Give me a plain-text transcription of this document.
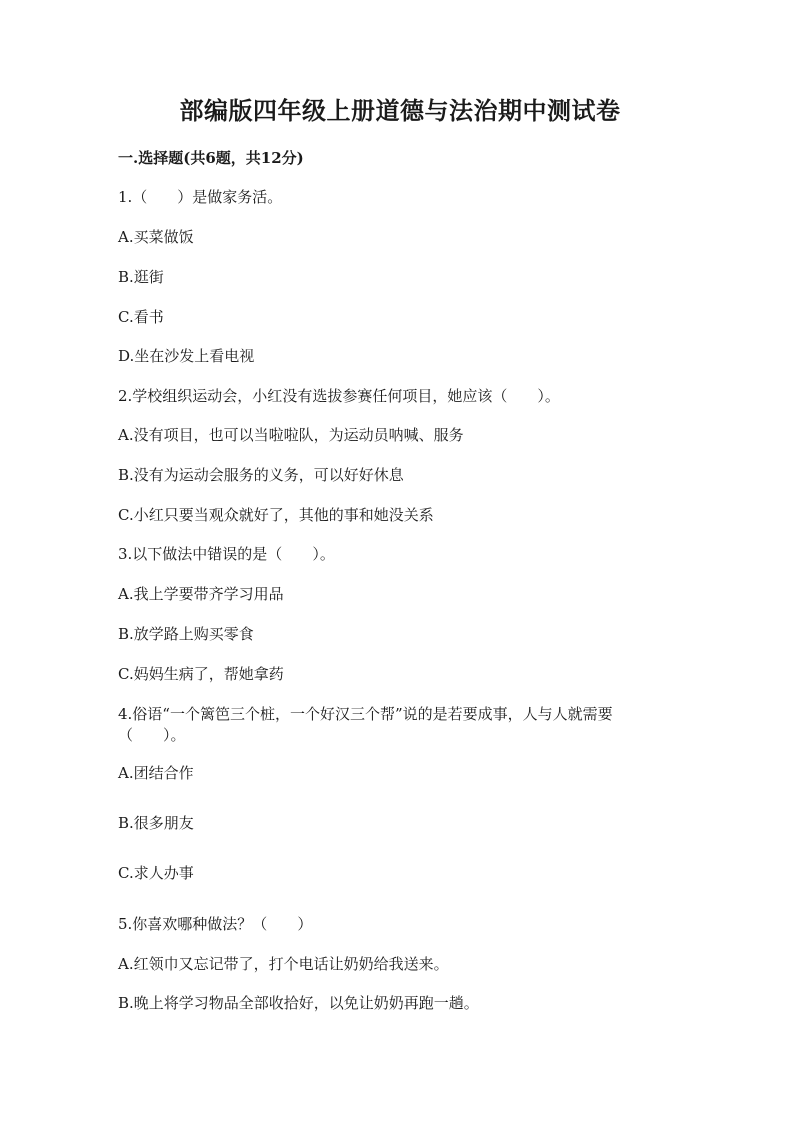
部编版四年级上册道德与法治期中测试卷
一.选择题(共6题，共12分)
1.（　　）是做家务活。
A.买菜做饭
B.逛街
C.看书
D.坐在沙发上看电视
2.学校组织运动会，小红没有选拔参赛任何项目，她应该（　　）。
A.没有项目，也可以当啦啦队，为运动员呐喊、服务
B.没有为运动会服务的义务，可以好好休息
C.小红只要当观众就好了，其他的事和她没关系
3.以下做法中错误的是（　　）。
A.我上学要带齐学习用品
B.放学路上购买零食
C.妈妈生病了，帮她拿药
4.俗语“一个篱笆三个桩，一个好汉三个帮”说的是若要成事，人与人就需要
（　　）。
A.团结合作
B.很多朋友
C.求人办事
5.你喜欢哪种做法？（　　）
A.红领巾又忘记带了，打个电话让奶奶给我送来。
B.晚上将学习物品全部收拾好，以免让奶奶再跑一趟。
